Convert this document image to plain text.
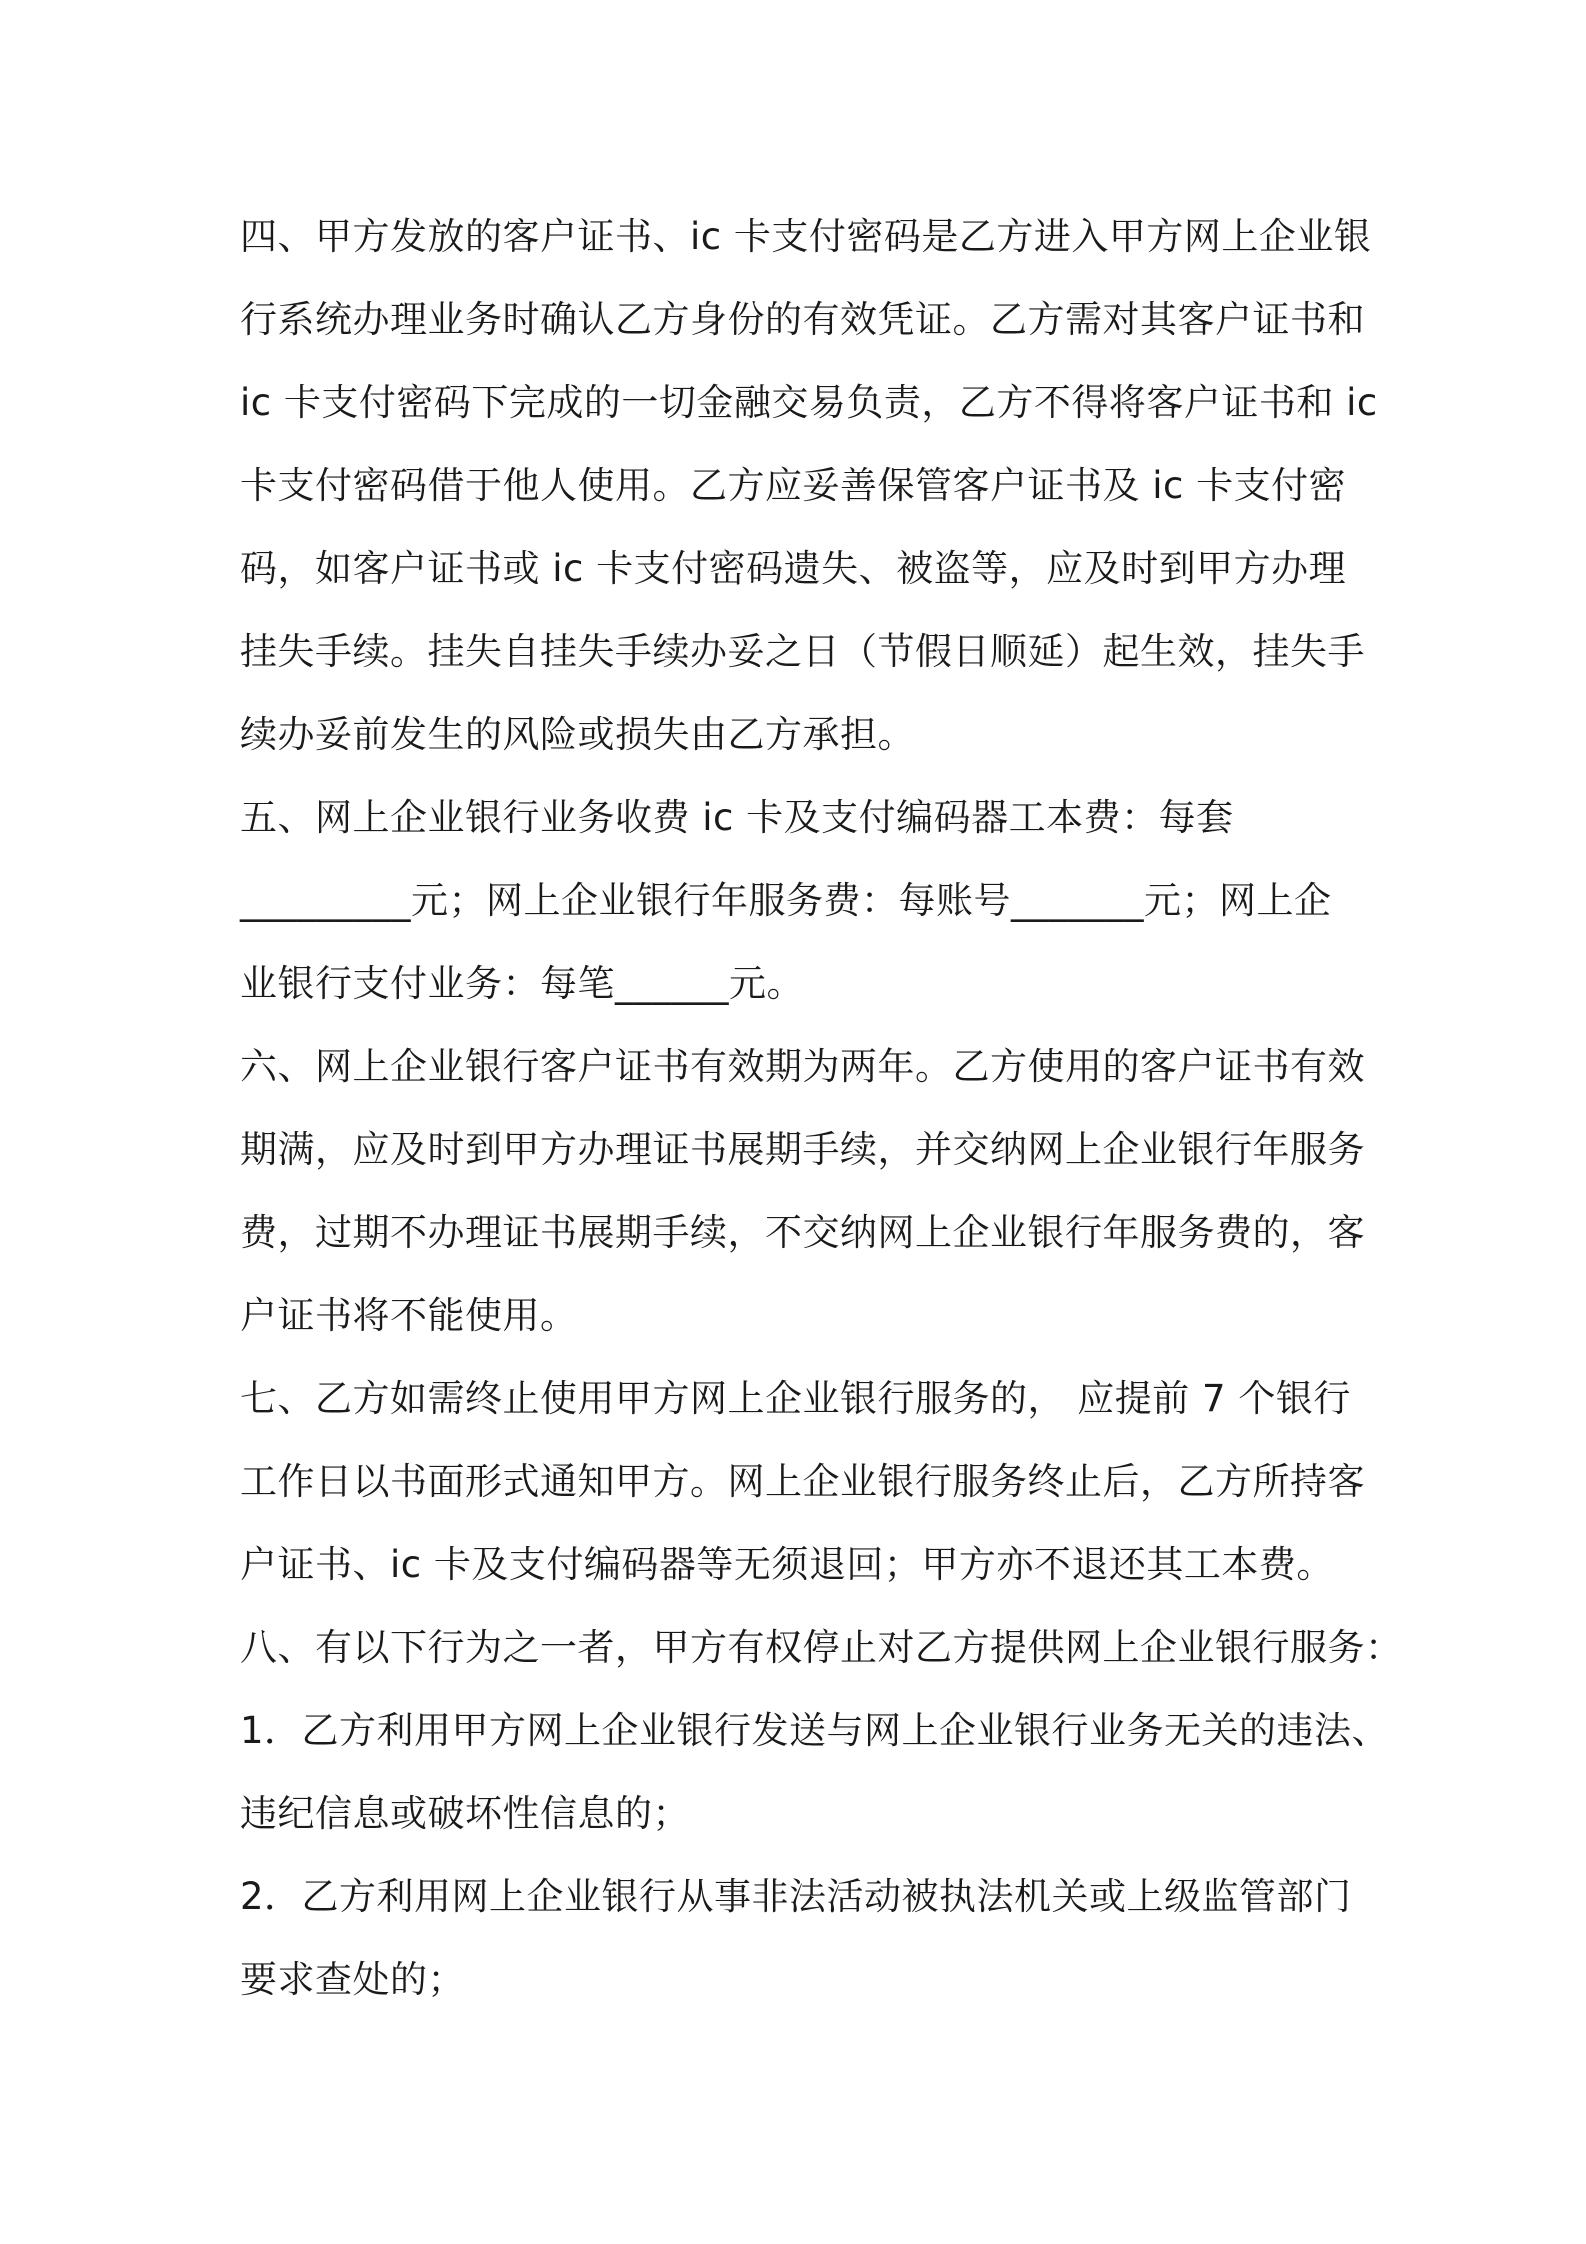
四、甲方发放的客户证书、ic 卡支付密码是乙方进入甲方网上企业银
行系统办理业务时确认乙方身份的有效凭证。乙方需对其客户证书和
ic 卡支付密码下完成的一切金融交易负责，乙方不得将客户证书和 ic
卡支付密码借于他人使用。乙方应妥善保管客户证书及 ic 卡支付密
码，如客户证书或 ic 卡支付密码遗失、被盗等，应及时到甲方办理
挂失手续。挂失自挂失手续办妥之日（节假日顺延）起生效，挂失手
续办妥前发生的风险或损失由乙方承担。
五、网上企业银行业务收费 ic 卡及支付编码器工本费：每套
_________元；网上企业银行年服务费：每账号_______元；网上企
业银行支付业务：每笔______元。
六、网上企业银行客户证书有效期为两年。乙方使用的客户证书有效
期满，应及时到甲方办理证书展期手续，并交纳网上企业银行年服务
费，过期不办理证书展期手续，不交纳网上企业银行年服务费的，客
户证书将不能使用。
七、乙方如需终止使用甲方网上企业银行服务的， 应提前 7 个银行
工作日以书面形式通知甲方。网上企业银行服务终止后，乙方所持客
户证书、ic 卡及支付编码器等无须退回；甲方亦不退还其工本费。
八、有以下行为之一者，甲方有权停止对乙方提供网上企业银行服务：
1．乙方利用甲方网上企业银行发送与网上企业银行业务无关的违法、
违纪信息或破坏性信息的；
2．乙方利用网上企业银行从事非法活动被执法机关或上级监管部门
要求查处的；
